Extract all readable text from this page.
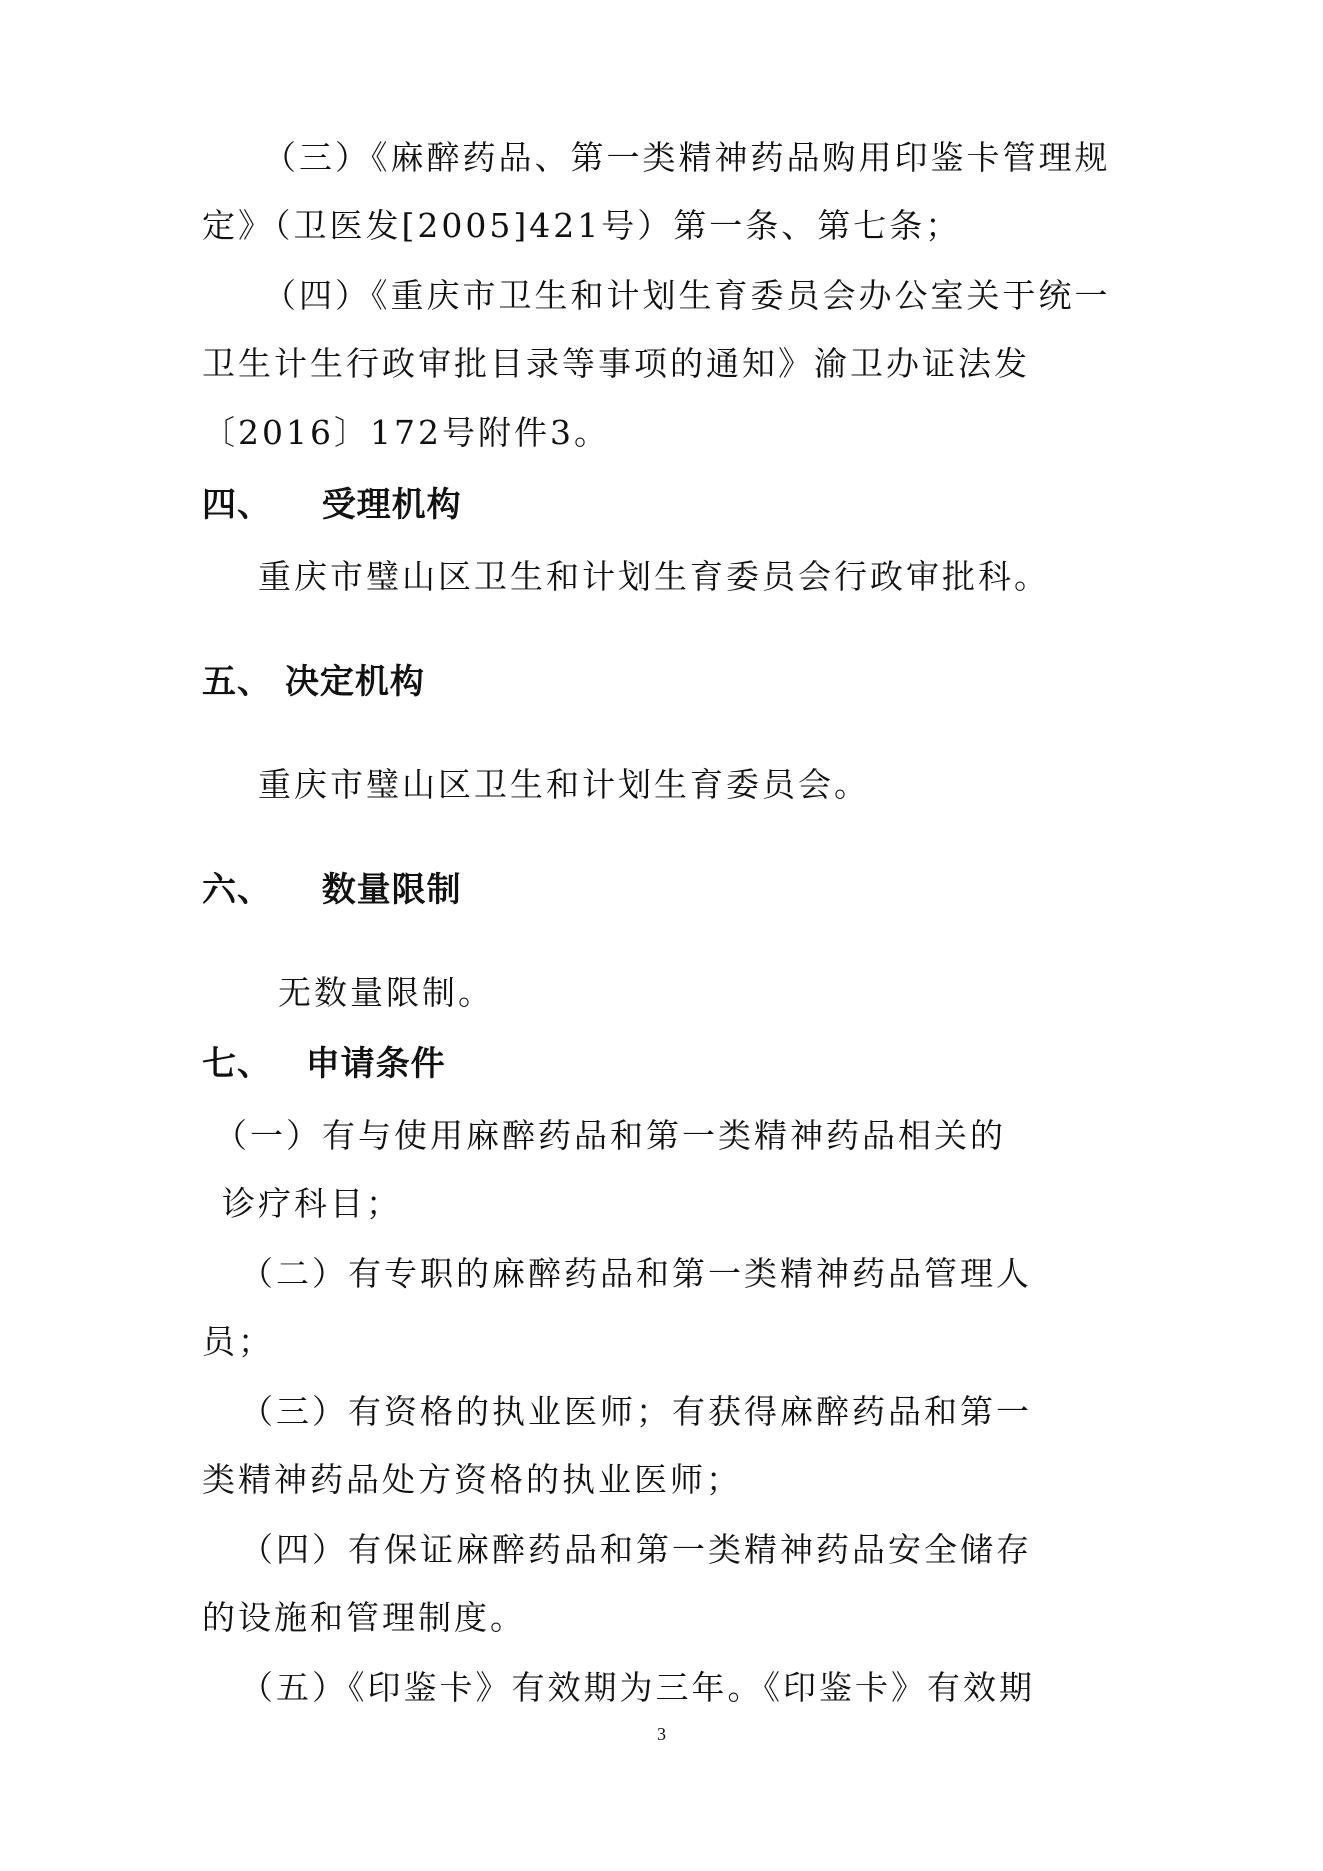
（三）《麻醉药品、第一类精神药品购用印鉴卡管理规
定》（卫医发[2005]421号）第一条、第七条；
（四）《重庆市卫生和计划生育委员会办公室关于统一
卫生计生行政审批目录等事项的通知》渝卫办证法发
〔2016〕172号附件3。
四、 受理机构
重庆市璧山区卫生和计划生育委员会行政审批科。
五、 决定机构
重庆市璧山区卫生和计划生育委员会。
六、 数量限制
无数量限制。
七、 申请条件
（一）有与使用麻醉药品和第一类精神药品相关的
诊疗科目；
（二）有专职的麻醉药品和第一类精神药品管理人
员；
（三）有资格的执业医师；有获得麻醉药品和第一
类精神药品处方资格的执业医师；
（四）有保证麻醉药品和第一类精神药品安全储存
的设施和管理制度。
（五）《印鉴卡》有效期为三年。《印鉴卡》有效期
3
